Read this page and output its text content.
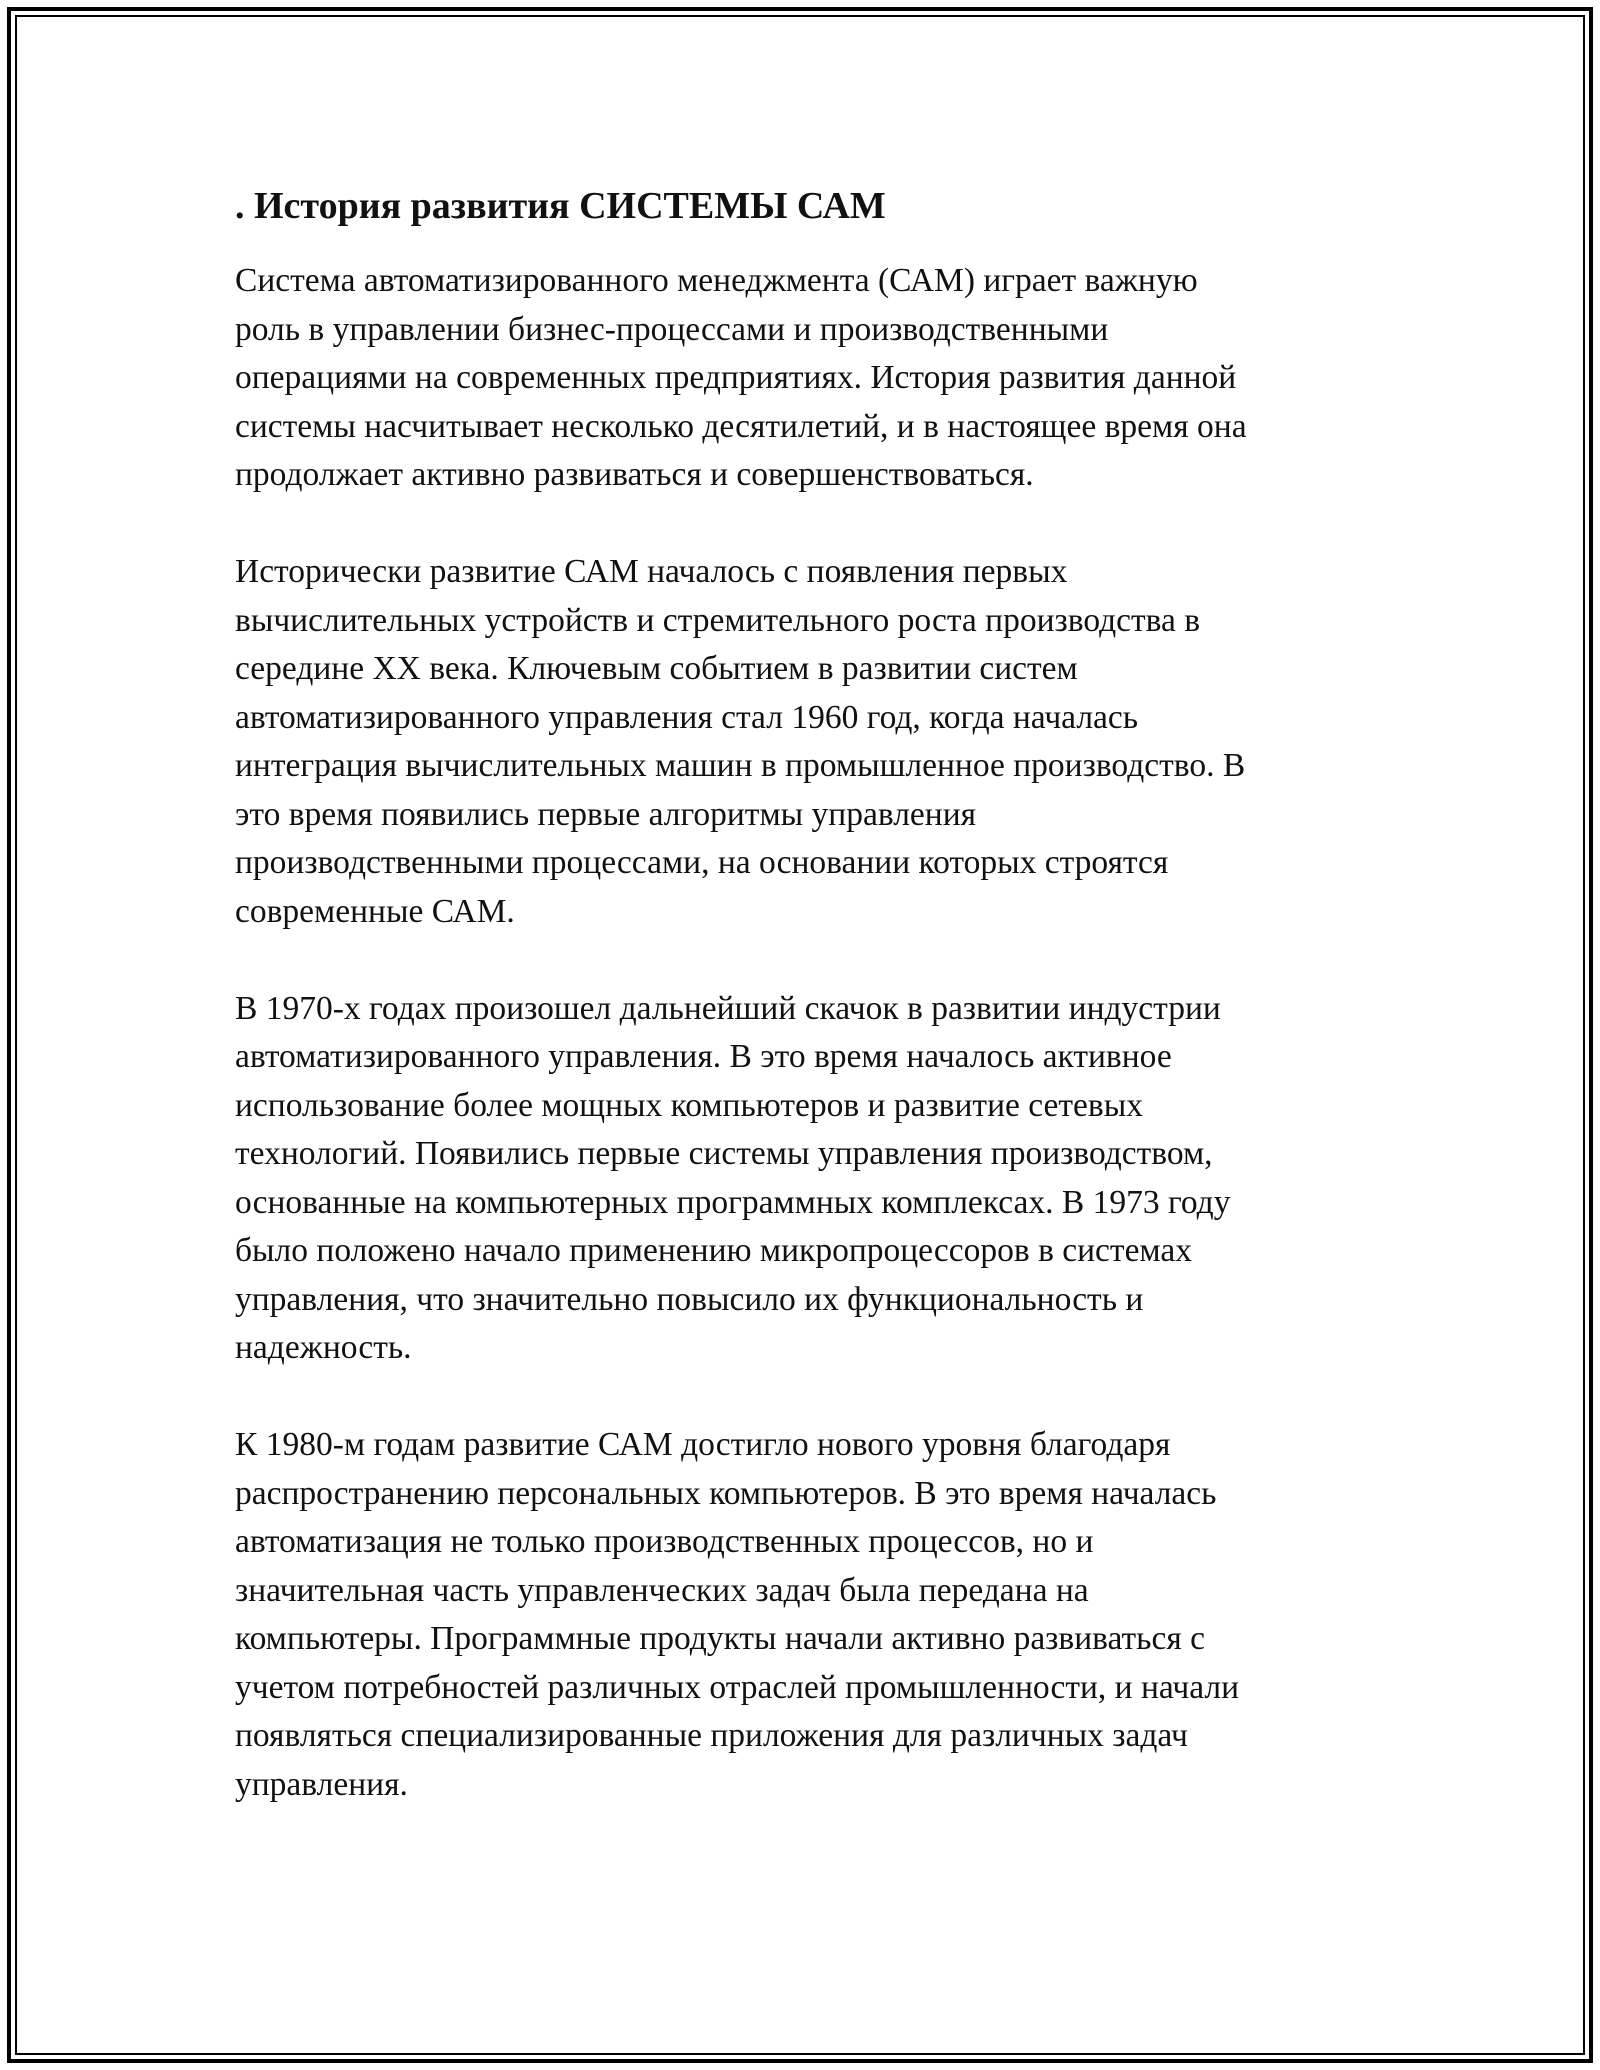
. История развития СИСТЕМЫ САМ
Система автоматизированного менеджмента (САМ) играет важную
роль в управлении бизнес-процессами и производственными
операциями на современных предприятиях. История развития данной
системы насчитывает несколько десятилетий, и в настоящее время она
продолжает активно развиваться и совершенствоваться.
Исторически развитие САМ началось с появления первых
вычислительных устройств и стремительного роста производства в
середине XX века. Ключевым событием в развитии систем
автоматизированного управления стал 1960 год, когда началась
интеграция вычислительных машин в промышленное производство. В
это время появились первые алгоритмы управления
производственными процессами, на основании которых строятся
современные САМ.
В 1970-х годах произошел дальнейший скачок в развитии индустрии
автоматизированного управления. В это время началось активное
использование более мощных компьютеров и развитие сетевых
технологий. Появились первые системы управления производством,
основанные на компьютерных программных комплексах. В 1973 году
было положено начало применению микропроцессоров в системах
управления, что значительно повысило их функциональность и
надежность.
К 1980-м годам развитие САМ достигло нового уровня благодаря
распространению персональных компьютеров. В это время началась
автоматизация не только производственных процессов, но и
значительная часть управленческих задач была передана на
компьютеры. Программные продукты начали активно развиваться с
учетом потребностей различных отраслей промышленности, и начали
появляться специализированные приложения для различных задач
управления.
